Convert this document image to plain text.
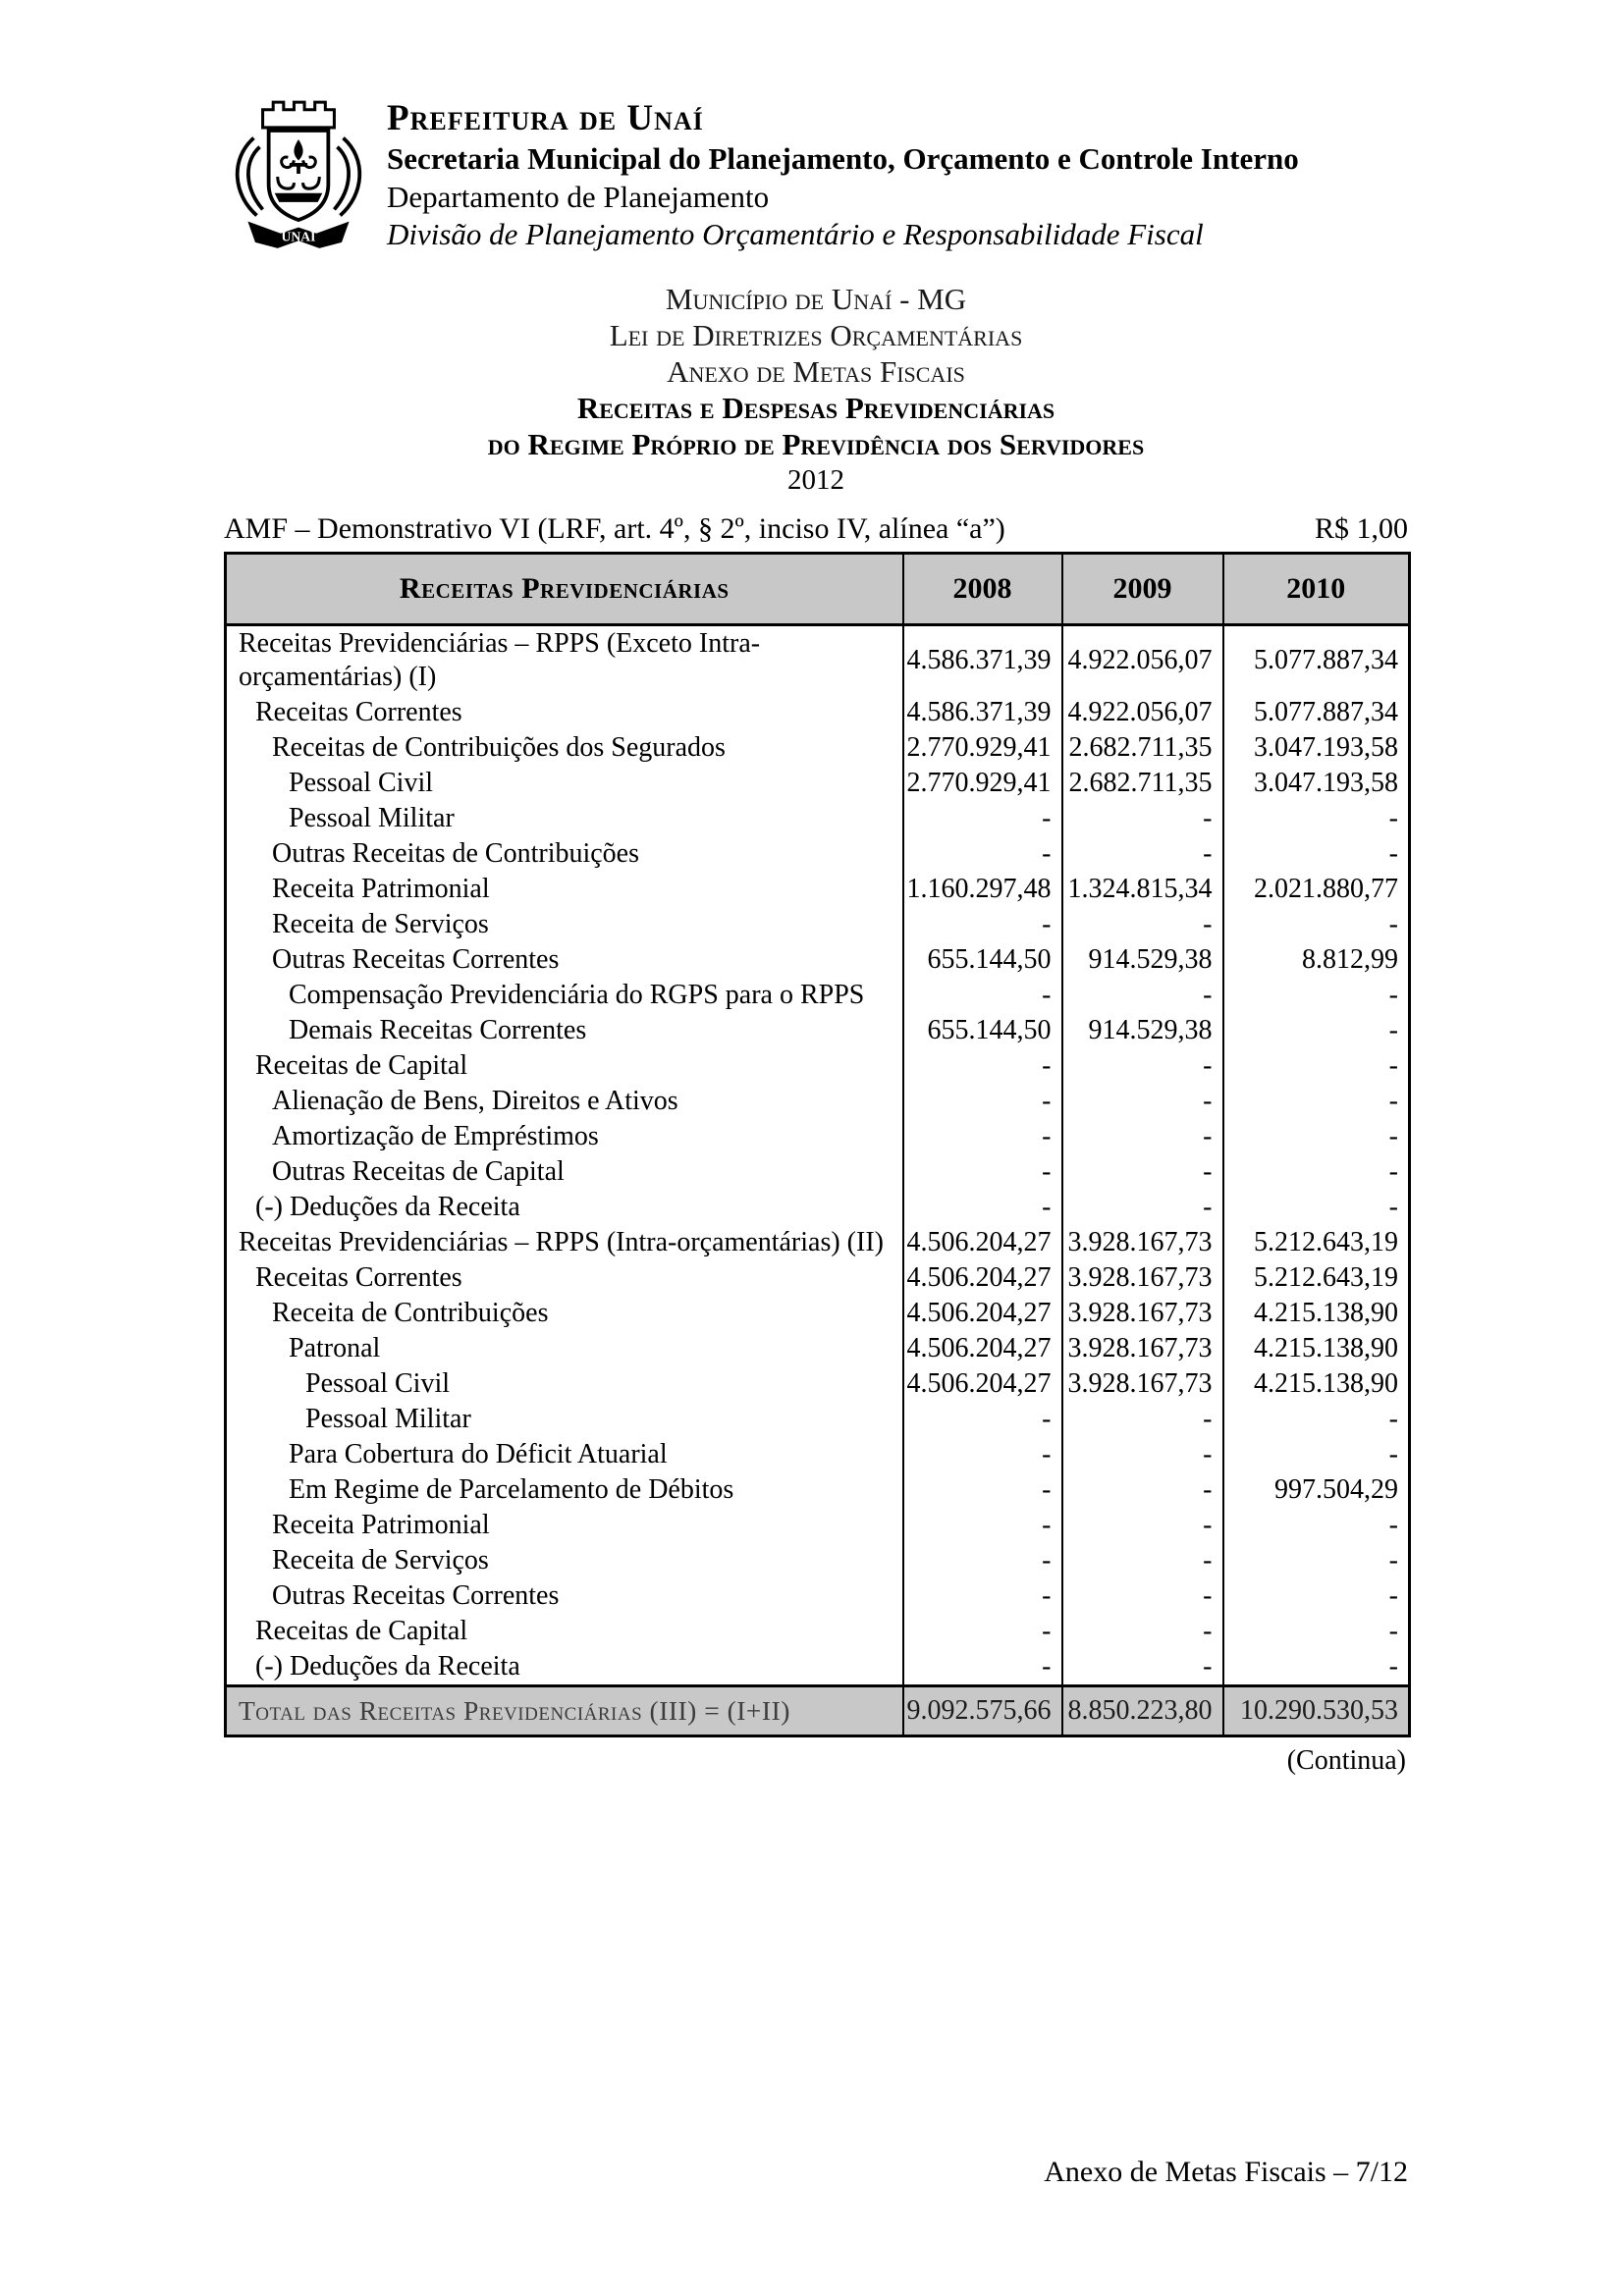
UNAÍ
Prefeitura de Unaí
Secretaria Municipal do Planejamento, Orçamento e Controle Interno
Departamento de Planejamento
Divisão de Planejamento Orçamentário e Responsabilidade Fiscal
Município de Unaí - MG
Lei de Diretrizes Orçamentárias
Anexo de Metas Fiscais
Receitas e Despesas Previdenciárias
do Regime Próprio de Previdência dos Servidores
2012
AMF – Demonstrativo VI (LRF, art. 4º, § 2º, inciso IV, alínea “a”)	R$ 1,00
Receitas Previdenciárias	2008	2009	2010
Receitas Previdenciárias – RPPS (Exceto Intra-orçamentárias) (I)	4.586.371,39	4.922.056,07	5.077.887,34
Receitas Correntes	4.586.371,39	4.922.056,07	5.077.887,34
Receitas de Contribuições dos Segurados	2.770.929,41	2.682.711,35	3.047.193,58
Pessoal Civil	2.770.929,41	2.682.711,35	3.047.193,58
Pessoal Militar	-	-	-
Outras Receitas de Contribuições	-	-	-
Receita Patrimonial	1.160.297,48	1.324.815,34	2.021.880,77
Receita de Serviços	-	-	-
Outras Receitas Correntes	655.144,50	914.529,38	8.812,99
Compensação Previdenciária do RGPS para o RPPS	-	-	-
Demais Receitas Correntes	655.144,50	914.529,38	-
Receitas de Capital	-	-	-
Alienação de Bens, Direitos e Ativos	-	-	-
Amortização de Empréstimos	-	-	-
Outras Receitas de Capital	-	-	-
(-) Deduções da Receita	-	-	-
Receitas Previdenciárias – RPPS (Intra-orçamentárias) (II)	4.506.204,27	3.928.167,73	5.212.643,19
Receitas Correntes	4.506.204,27	3.928.167,73	5.212.643,19
Receita de Contribuições	4.506.204,27	3.928.167,73	4.215.138,90
Patronal	4.506.204,27	3.928.167,73	4.215.138,90
Pessoal Civil	4.506.204,27	3.928.167,73	4.215.138,90
Pessoal Militar	-	-	-
Para Cobertura do Déficit Atuarial	-	-	-
Em Regime de Parcelamento de Débitos	-	-	997.504,29
Receita Patrimonial	-	-	-
Receita de Serviços	-	-	-
Outras Receitas Correntes	-	-	-
Receitas de Capital	-	-	-
(-) Deduções da Receita	-	-	-
Total das Receitas Previdenciárias (III) = (I+II)	9.092.575,66	8.850.223,80	10.290.530,53
(Continua)
Anexo de Metas Fiscais – 7/12
